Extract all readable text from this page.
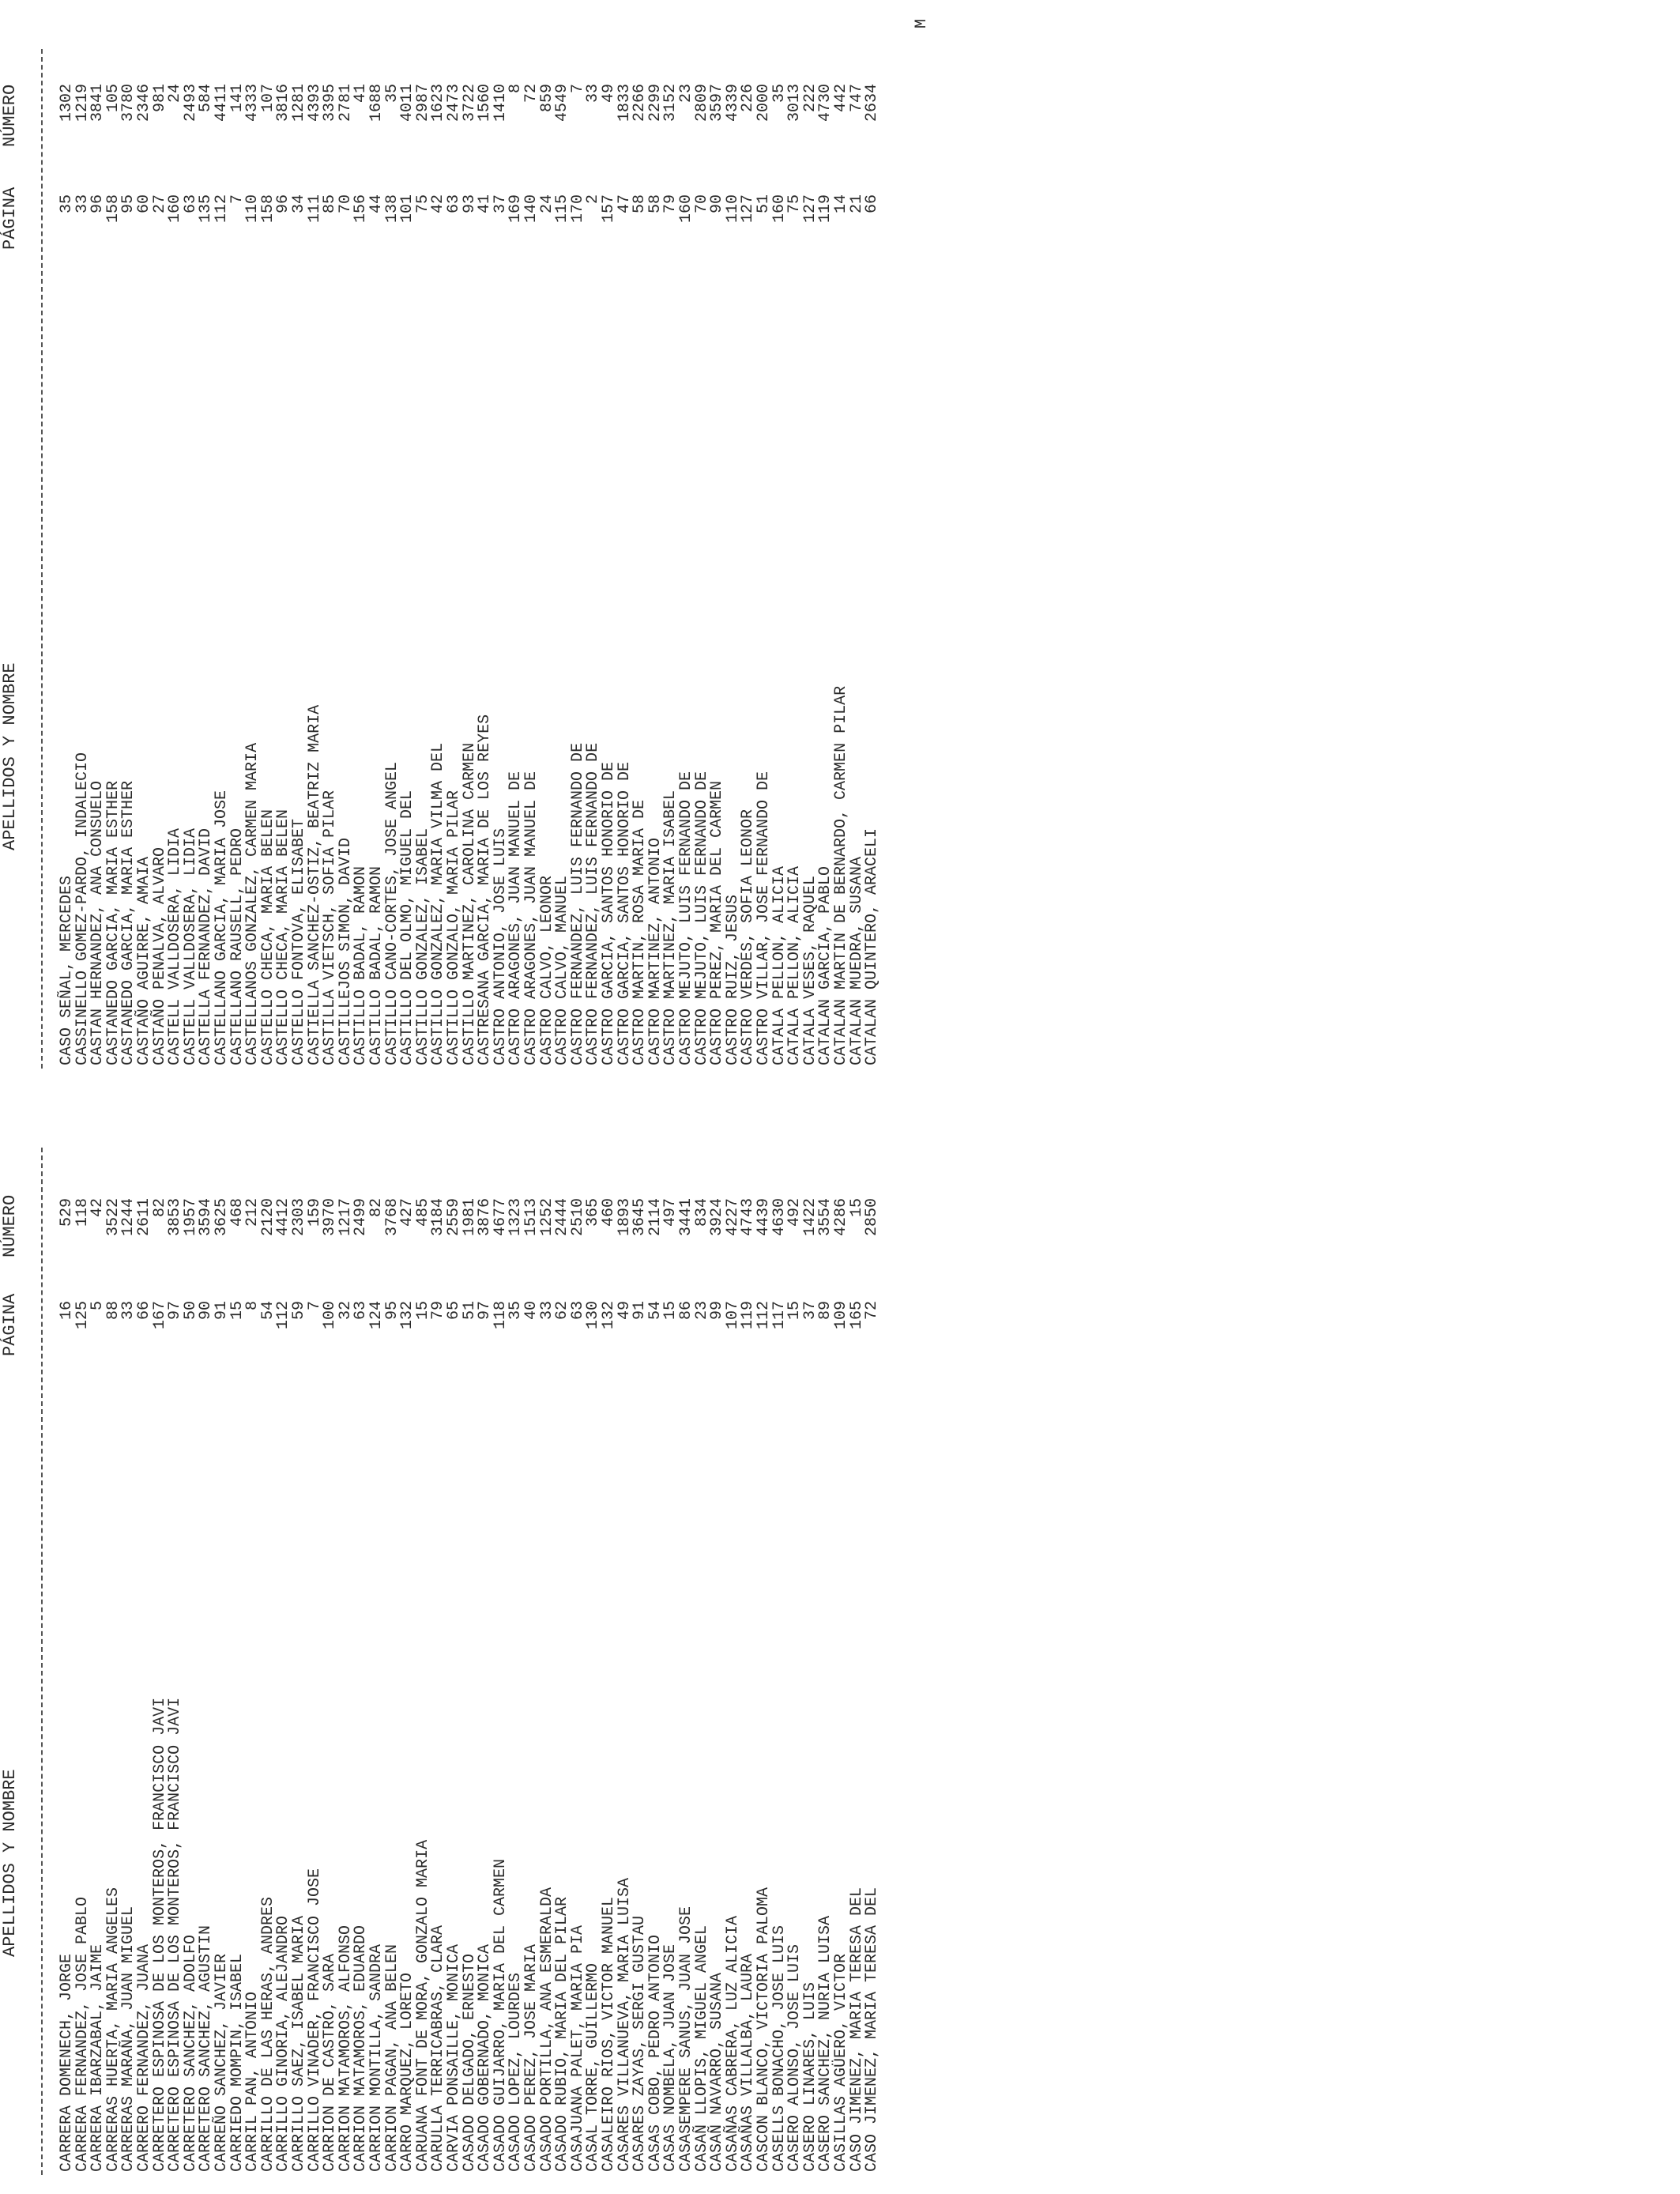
APELLIDOS Y NOMBRE
PÁGINA
NÚMERO
CARRERA DOMENECH, JORGE
16
529
CARRERA FERNANDEZ, JOSE PABLO
125
118
CARRERA IBARZABAL, JAIME
5
42
CARRERAS HUERTA, MARIA ANGELES
88
3522
CARRERAS MARAÑA, JUAN MIGUEL
33
1244
CARRERO FERNANDEZ, JUANA
66
2611
CARRETERO ESPINOSA DE LOS MONTEROS, FRANCISCO JAVI
167
82
CARRETERO ESPINOSA DE LOS MONTEROS, FRANCISCO JAVI
97
3853
CARRETERO SANCHEZ, ADOLFO
50
1957
CARRETERO SANCHEZ, AGUSTIN
90
3594
CARREÑO SANCHEZ, JAVIER
91
3625
CARRIEDO MOMPIN, ISABEL
15
468
CARRIL PAN, ANTONIO
8
212
CARRILLO DE LAS HERAS, ANDRES
54
2120
CARRILLO GINORIA, ALEJANDRO
112
4412
CARRILLO SAEZ, ISABEL MARIA
59
2303
CARRILLO VINADER, FRANCISCO JOSE
7
159
CARRION DE CASTRO, SARA
100
3970
CARRION MATAMOROS, ALFONSO
32
1217
CARRION MATAMOROS, EDUARDO
63
2499
CARRION MONTILLA, SANDRA
124
82
CARRION PAGAN, ANA BELEN
95
3768
CARRO MARQUEZ, LORETO
132
427
CARUANA FONT DE MORA, GONZALO MARIA
15
485
CARULLA TERRICABRAS, CLARA
79
3184
CARVIA PONSAILLE, MONICA
65
2559
CASADO DELGADO, ERNESTO
51
1981
CASADO GOBERNADO, MONICA
97
3876
CASADO GUIJARRO, MARIA DEL CARMEN
118
4677
CASADO LOPEZ, LOURDES
35
1323
CASADO PEREZ, JOSE MARIA
40
1513
CASADO PORTILLA, ANA ESMERALDA
33
1252
CASADO RUBIO, MARIA DEL PILAR
62
2444
CASAJUANA PALET, MARIA PIA
63
2510
CASAL TORRE, GUILLERMO
130
365
CASALEIRO RIOS, VICTOR MANUEL
132
460
CASARES VILLANUEVA, MARIA LUISA
49
1893
CASARES ZAYAS, SERGI GUSTAU
91
3645
CASAS COBO, PEDRO ANTONIO
54
2114
CASAS NOMBELA, JUAN JOSE
15
497
CASASEMPERE SANUS, JUAN JOSE
86
3441
CASAÑ LLOPIS, MIGUEL ANGEL
23
834
CASAÑ NAVARRO, SUSANA
99
3924
CASAÑAS CABRERA, LUZ ALICIA
107
4227
CASAÑAS VILLALBA, LAURA
119
4743
CASCON BLANCO, VICTORIA PALOMA
112
4439
CASELLS BONACHO, JOSE LUIS
117
4630
CASERO ALONSO, JOSE LUIS
15
492
CASERO LINARES, LUIS
37
1422
CASERO SANCHEZ, NURIA LUISA
89
3554
CASILLAS AGÜERO, VICTOR
109
4286
CASO JIMENEZ, MARIA TERESA DEL
165
15
CASO JIMENEZ, MARIA TERESA DEL
72
2850
APELLIDOS Y NOMBRE
PÁGINA
NÚMERO
CASO SEÑAL, MERCEDES
35
1302
CASSINELLO GOMEZ-PARDO, INDALECIO
33
1219
CASTAN HERNANDEZ, ANA CONSUELO
96
3841
CASTANEDO GARCIA, MARIA ESTHER
158
105
CASTANEDO GARCIA, MARIA ESTHER
95
3780
CASTAÑO AGUIRRE, AMAIA
60
2346
CASTAÑO PENALVA, ALVARO
27
981
CASTELL VALLDOSERA, LIDIA
160
24
CASTELL VALLDOSERA, LIDIA
63
2493
CASTELLA FERNANDEZ, DAVID
135
584
CASTELLANO GARCIA, MARIA JOSE
112
4411
CASTELLANO RAUSELL, PEDRO
7
141
CASTELLANOS GONZALEZ, CARMEN MARIA
110
4333
CASTELLO CHECA, MARIA BELEN
158
107
CASTELLO CHECA, MARIA BELEN
96
3816
CASTELLO FONTOVA, ELISABET
34
1281
CASTIELLA SANCHEZ-OSTIZ, BEATRIZ MARIA
111
4393
CASTILLA VIETSCH, SOFIA PILAR
85
3395
CASTILLEJOS SIMON, DAVID
70
2781
CASTILLO BADAL, RAMON
156
41
CASTILLO BADAL, RAMON
44
1688
CASTILLO CANO-CORTES, JOSE ANGEL
138
35
CASTILLO DEL OLMO, MIGUEL DEL
101
4011
CASTILLO GONZALEZ, ISABEL
75
2987
CASTILLO GONZALEZ, MARIA VILMA DEL
42
1623
CASTILLO GONZALO, MARIA PILAR
63
2473
CASTILLO MARTINEZ, CAROLINA CARMEN
93
3722
CASTRESANA GARCIA, MARIA DE LOS REYES
41
1560
CASTRO ANTONIO, JOSE LUIS
37
1410
CASTRO ARAGONES, JUAN MANUEL DE
169
8
CASTRO ARAGONES, JUAN MANUEL DE
140
72
CASTRO CALVO, LEONOR
24
859
CASTRO CALVO, MANUEL
115
4549
CASTRO FERNANDEZ, LUIS FERNANDO DE
170
7
CASTRO FERNANDEZ, LUIS FERNANDO DE
2
33
CASTRO GARCIA, SANTOS HONORIO DE
157
49
CASTRO GARCIA, SANTOS HONORIO DE
47
1833
CASTRO MARTIN, ROSA MARIA DE
58
2266
CASTRO MARTINEZ, ANTONIO
58
2299
CASTRO MARTINEZ, MARIA ISABEL
79
3152
CASTRO MEJUTO, LUIS FERNANDO DE
160
23
CASTRO MEJUTO, LUIS FERNANDO DE
70
2809
CASTRO PEREZ, MARIA DEL CARMEN
90
3597
CASTRO RUIZ, JESUS
110
4339
CASTRO VERDES, SOFIA LEONOR
127
226
CASTRO VILLAR, JOSE FERNANDO DE
51
2000
CATALA PELLON, ALICIA
160
35
CATALA PELLON, ALICIA
75
3013
CATALA VESES, RAQUEL
127
222
CATALAN GARCIA, PABLO
119
4730
CATALAN MARTIN DE BERNARDO, CARMEN PILAR
14
442
CATALAN MUEDRA, SUSANA
21
747
CATALAN QUINTERO, ARACELI
66
2634
M
